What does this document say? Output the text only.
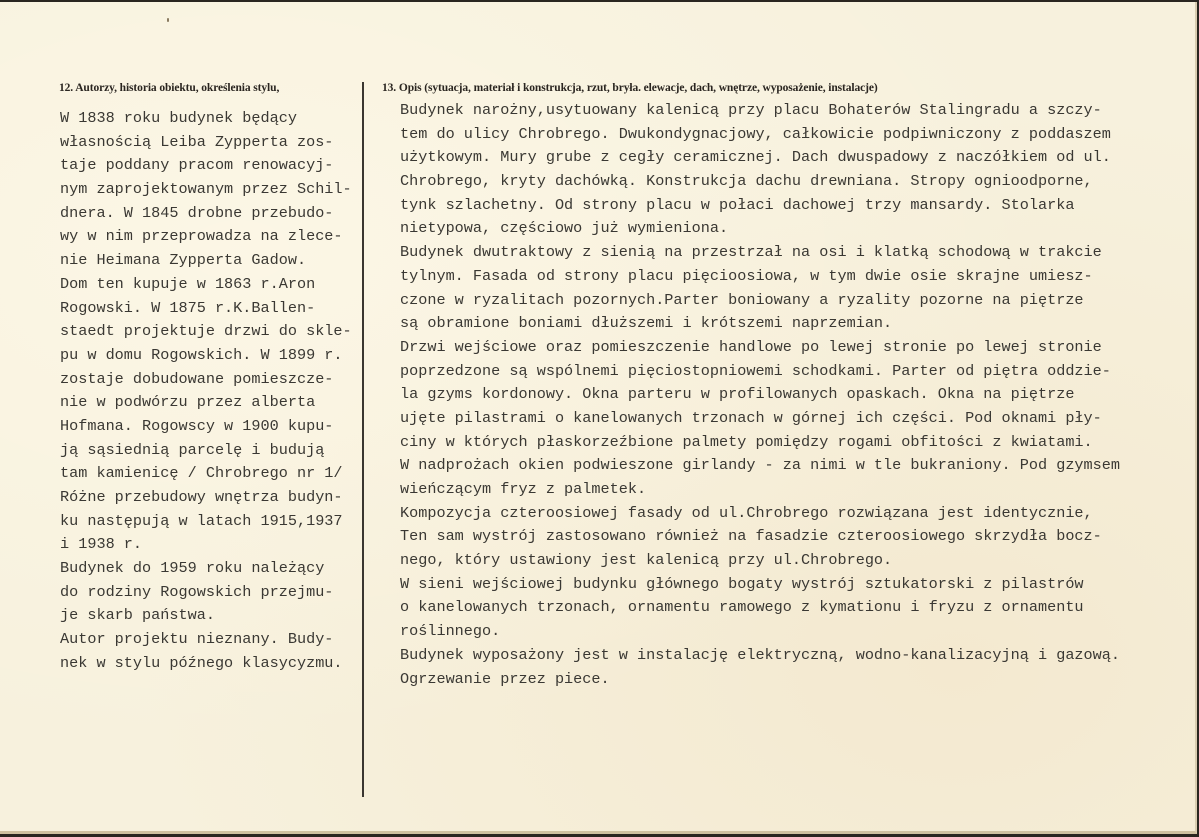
12. Autorzy, historia obiektu, określenia stylu,	13. Opis (sytuacja, materiał i konstrukcja, rzut, bryła. elewacje, dach, wnętrze, wyposażenie, instalacje)
W 1838 roku budynek będący
własnością Leiba Zypperta zos-
taje poddany pracom renowacyj-
nym zaprojektowanym przez Schil-
dnera. W 1845 drobne przebudo-
wy w nim przeprowadza na zlece-
nie Heimana Zypperta Gadow.
Dom ten kupuje w 1863 r.Aron
Rogowski. W 1875 r.K.Ballen-
staedt projektuje drzwi do skle-
pu w domu Rogowskich. W 1899 r.
zostaje dobudowane pomieszcze-
nie w podwórzu przez alberta
Hofmana. Rogowscy w 1900 kupu-
ją sąsiednią parcelę i budują
tam kamienicę / Chrobrego nr 1/
Różne przebudowy wnętrza budyn-
ku następują w latach 1915,1937
i 1938 r.
Budynek do 1959 roku należący
do rodziny Rogowskich przejmu-
je skarb państwa.
Autor projektu nieznany. Budy-
nek w stylu późnego klasycyzmu.
Budynek narożny,usytuowany kalenicą przy placu Bohaterów Stalingradu a szczy-
tem do ulicy Chrobrego. Dwukondygnacjowy, całkowicie podpiwniczony z poddaszem
użytkowym. Mury grube z cegły ceramicznej. Dach dwuspadowy z naczółkiem od ul.
Chrobrego, kryty dachówką. Konstrukcja dachu drewniana. Stropy ognioodporne,
tynk szlachetny. Od strony placu w połaci dachowej trzy mansardy. Stolarka
nietypowa, częściowo już wymieniona.
Budynek dwutraktowy z sienią na przestrzał na osi i klatką schodową w trakcie
tylnym. Fasada od strony placu pięcioosiowa, w tym dwie osie skrajne umiesz-
czone w ryzalitach pozornych.Parter boniowany a ryzality pozorne na piętrze
są obramione boniami dłuższemi i krótszemi naprzemian.
Drzwi wejściowe oraz pomieszczenie handlowe po lewej stronie po lewej stronie
poprzedzone są wspólnemi pięciostopniowemi schodkami. Parter od piętra oddzie-
la gzyms kordonowy. Okna parteru w profilowanych opaskach. Okna na piętrze
ujęte pilastrami o kanelowanych trzonach w górnej ich części. Pod oknami pły-
ciny w których płaskorzeźbione palmety pomiędzy rogami obfitości z kwiatami.
W nadprożach okien podwieszone girlandy - za nimi w tle bukraniony. Pod gzymsem
wieńczącym fryz z palmetek.
Kompozycja czteroosiowej fasady od ul.Chrobrego rozwiązana jest identycznie,
Ten sam wystrój zastosowano również na fasadzie czteroosiowego skrzydła bocz-
nego, który ustawiony jest kalenicą przy ul.Chrobrego.
W sieni wejściowej budynku głównego bogaty wystrój sztukatorski z pilastrów
o kanelowanych trzonach, ornamentu ramowego z kymationu i fryzu z ornamentu
roślinnego.
Budynek wyposażony jest w instalację elektryczną, wodno-kanalizacyjną i gazową.
Ogrzewanie przez piece.
